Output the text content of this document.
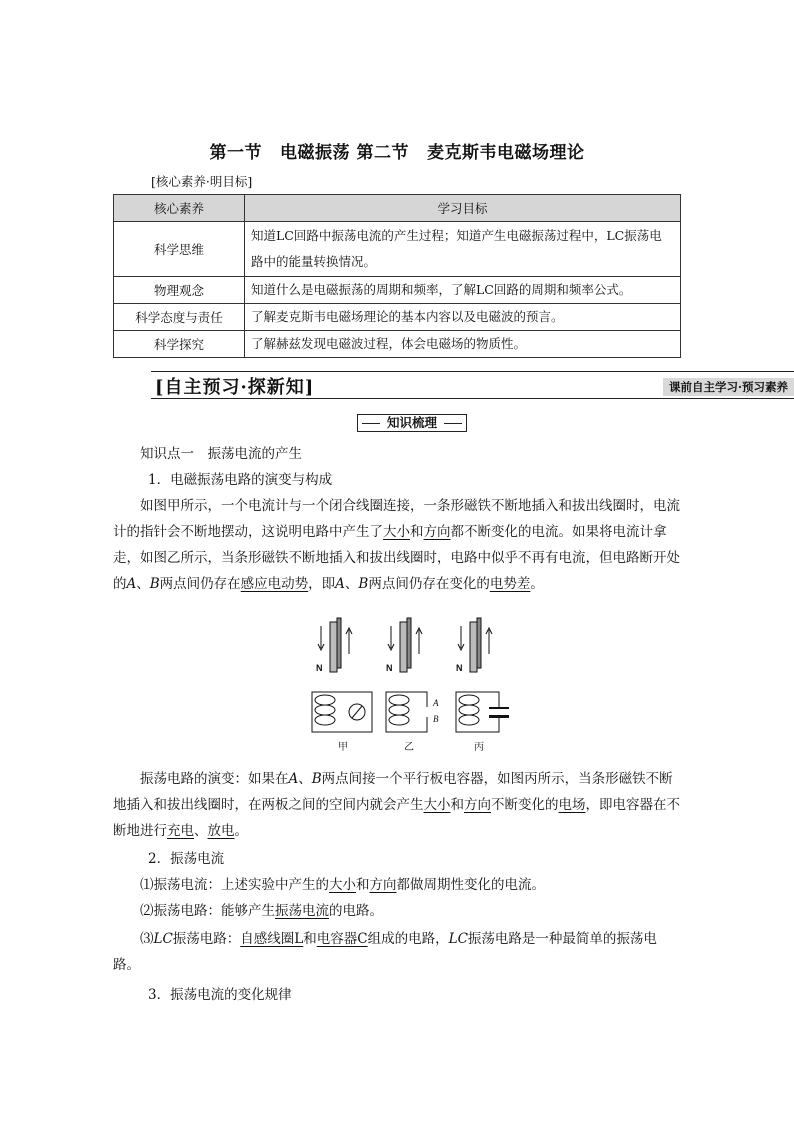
第一节 电磁振荡 第二节 麦克斯韦电磁场理论
[核心素养·明目标]
核心素养	学习目标
科学思维	知道LC回路中振荡电流的产生过程；知道产生电磁振荡过程中，LC振荡电路中的能量转换情况。
物理观念	知道什么是电磁振荡的周期和频率，了解LC回路的周期和频率公式。
科学态度与责任	了解麦克斯韦电磁场理论的基本内容以及电磁波的预言。
科学探究	了解赫兹发现电磁波过程，体会电磁场的物质性。
[自主预习·探新知]	课前自主学习·预习素养
知识梳理
知识点一　振荡电流的产生
1．电磁振荡电路的演变与构成
如图甲所示，一个电流计与一个闭合线圈连接，一条形磁铁不断地插入和拔出线圈时，电流计的指针会不断地摆动，这说明电路中产生了大小和方向都不断变化的电流。如果将电流计拿走，如图乙所示，当条形磁铁不断地插入和拔出线圈时，电路中似乎不再有电流，但电路断开处的A、B两点间仍存在感应电动势，即A、B两点间仍存在变化的电势差。
N	N	N
A
B
甲	乙	丙
振荡电路的演变：如果在A、B两点间接一个平行板电容器，如图丙所示，当条形磁铁不断地插入和拔出线圈时，在两板之间的空间内就会产生大小和方向不断变化的电场，即电容器在不断地进行充电、放电。
2．振荡电流
⑴振荡电流：上述实验中产生的大小和方向都做周期性变化的电流。
⑵振荡电路：能够产生振荡电流的电路。
⑶LC振荡电路：自感线圈L和电容器C组成的电路，LC振荡电路是一种最简单的振荡电路。
3．振荡电流的变化规律
